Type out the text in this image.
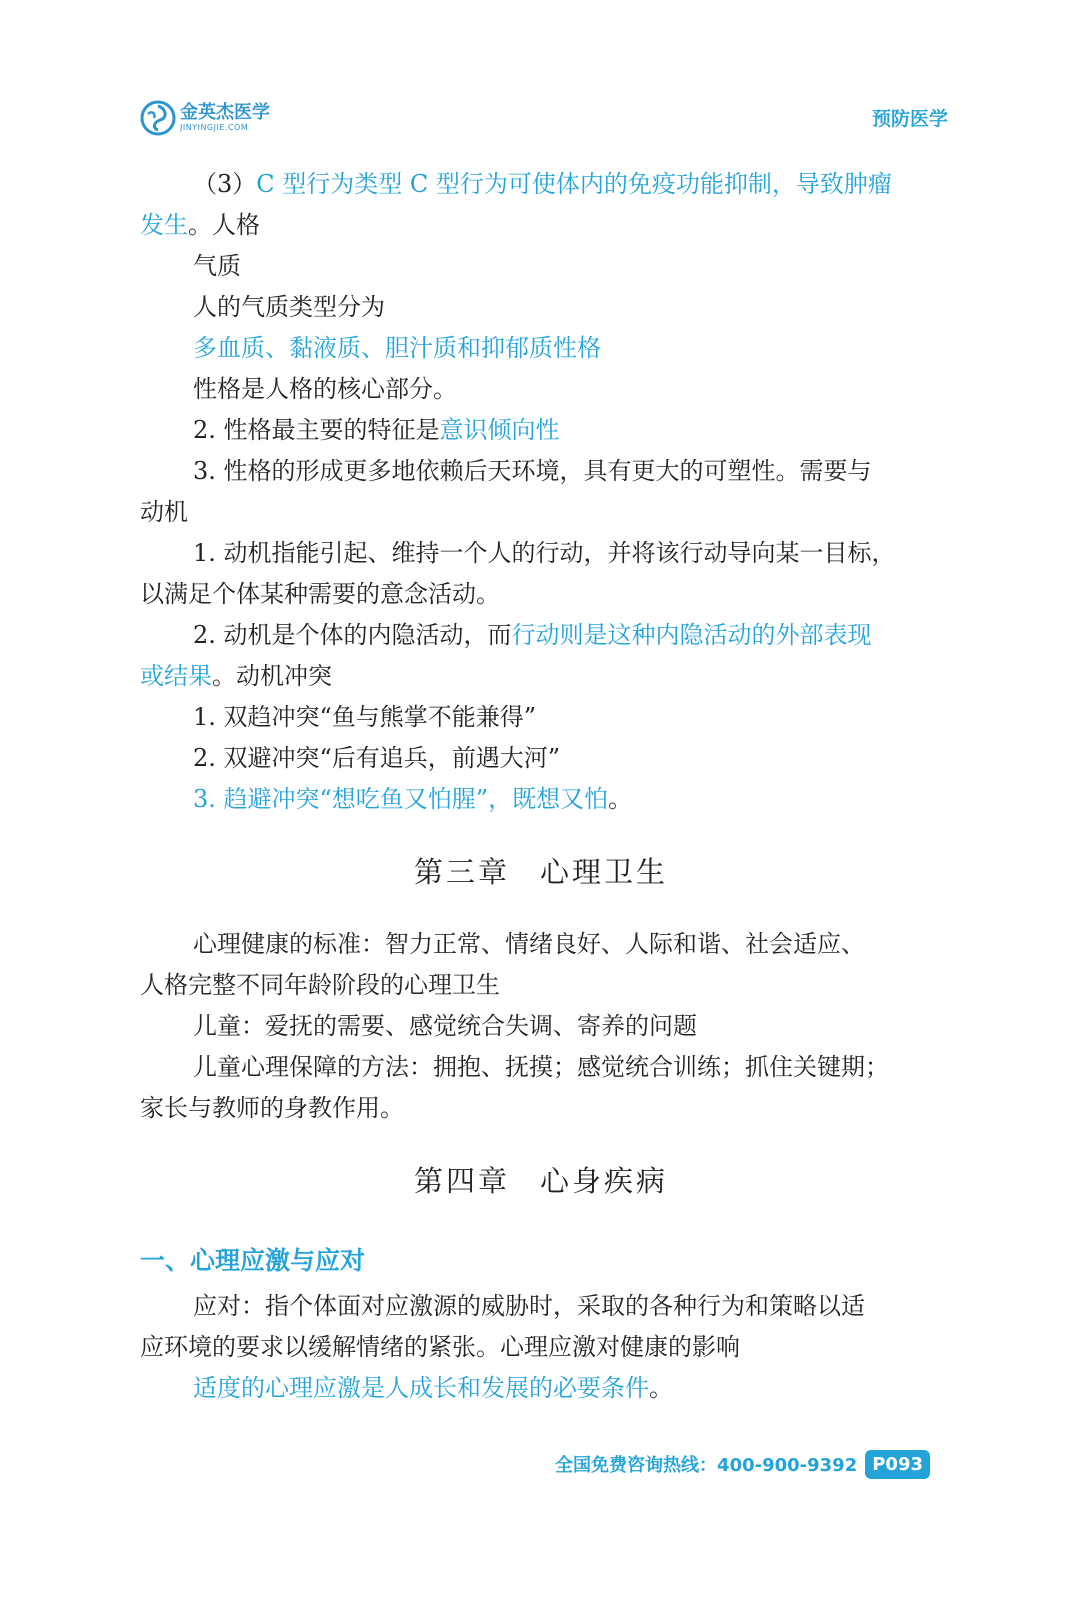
金英杰医学
JINYINGJIE.COM	预防医学
（3）C 型行为类型 C 型行为可使体内的免疫功能抑制，导致肿瘤
发生。人格
气质
人的气质类型分为
多血质、黏液质、胆汁质和抑郁质性格
性格是人格的核心部分。
2. 性格最主要的特征是意识倾向性
3. 性格的形成更多地依赖后天环境，具有更大的可塑性。需要与
动机
1. 动机指能引起、维持一个人的行动，并将该行动导向某一目标，
以满足个体某种需要的意念活动。
2. 动机是个体的内隐活动，而行动则是这种内隐活动的外部表现
或结果。动机冲突
1. 双趋冲突“鱼与熊掌不能兼得”
2. 双避冲突“后有追兵，前遇大河”
3. 趋避冲突“想吃鱼又怕腥”，既想又怕。
第三章 心理卫生
心理健康的标准：智力正常、情绪良好、人际和谐、社会适应、
人格完整不同年龄阶段的心理卫生
儿童：爱抚的需要、感觉统合失调、寄养的问题
儿童心理保障的方法：拥抱、抚摸；感觉统合训练；抓住关键期；
家长与教师的身教作用。
第四章 心身疾病
一、心理应激与应对
应对：指个体面对应激源的威胁时，采取的各种行为和策略以适
应环境的要求以缓解情绪的紧张。心理应激对健康的影响
适度的心理应激是人成长和发展的必要条件。
全国免费咨询热线：400-900-9392 P093
